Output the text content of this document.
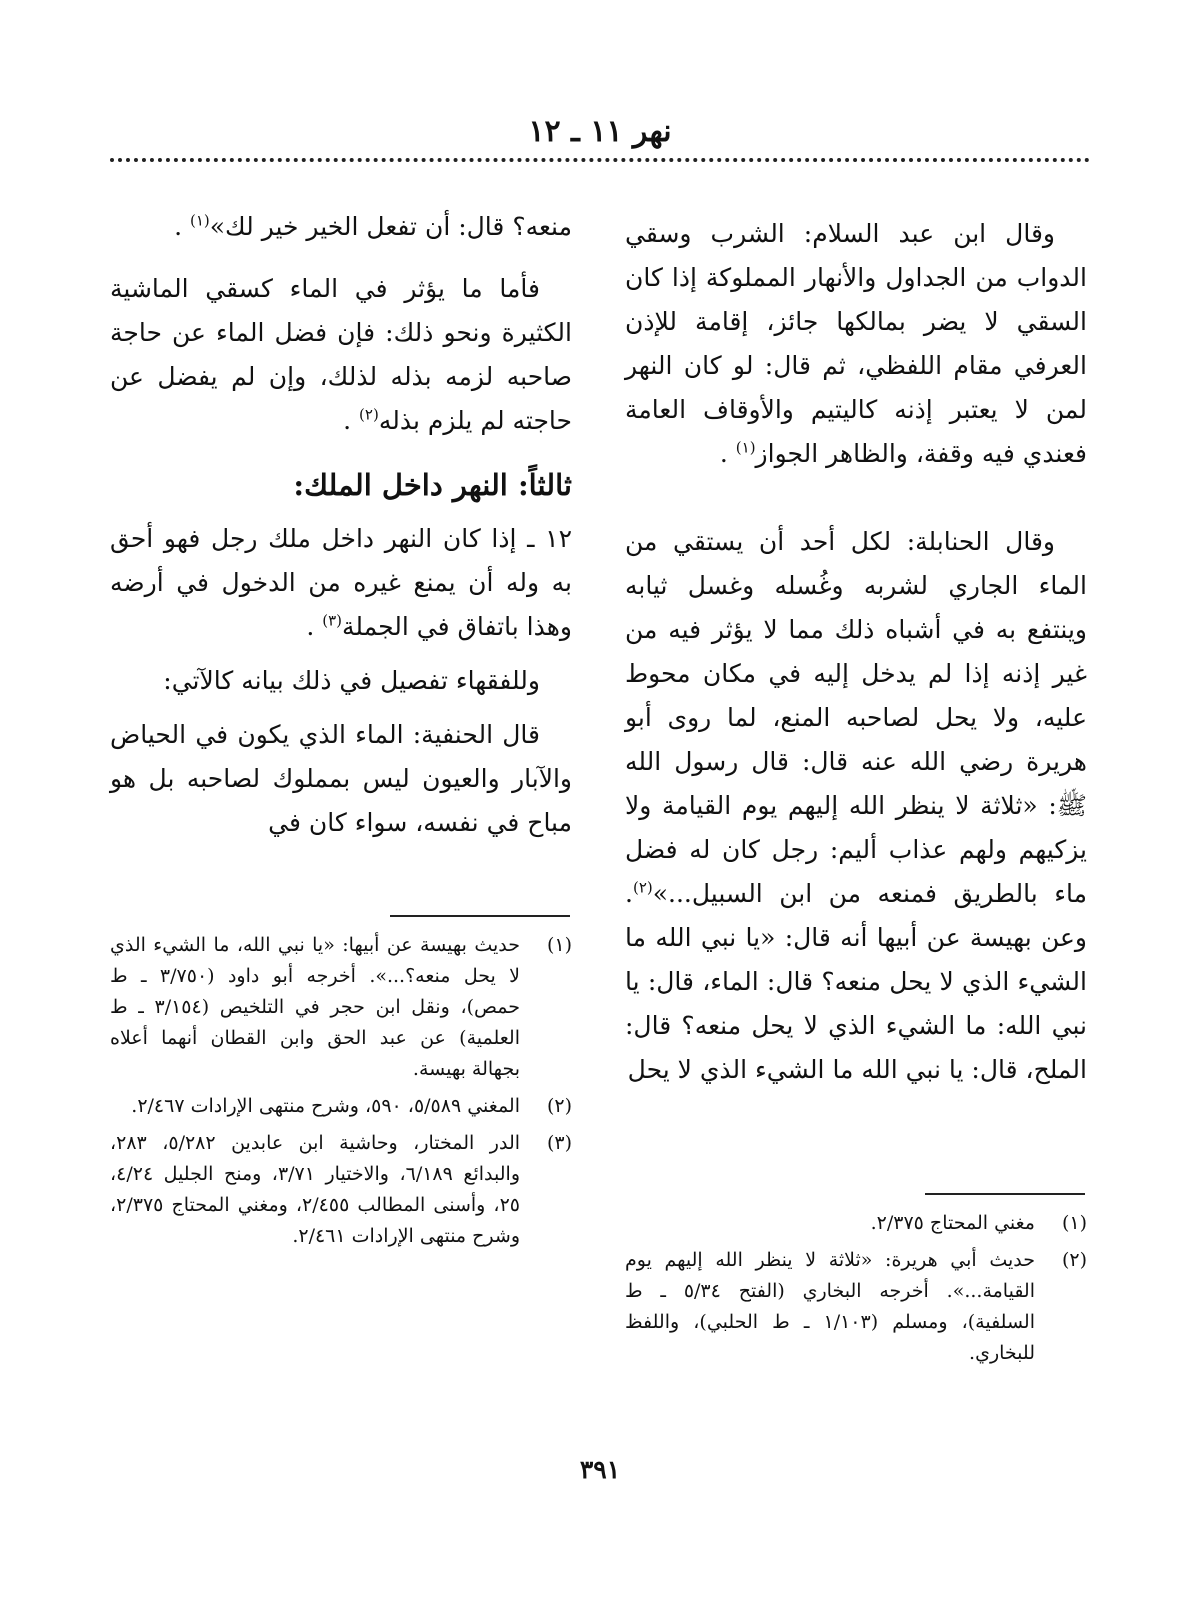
نهر ١١ ـ ١٢

وقال ابن عبد السلام: الشرب وسقي الدواب من الجداول والأنهار المملوكة إذا كان السقي لا يضر بمالكها جائز، إقامة للإذن العرفي مقام اللفظي، ثم قال: لو كان النهر لمن لا يعتبر إذنه كاليتيم والأوقاف العامة فعندي فيه وقفة، والظاهر الجواز$^{(١)}$ .

وقال الحنابلة: لكل أحد أن يستقي من الماء الجاري لشربه وغُسله وغسل ثيابه وينتفع به في أشباه ذلك مما لا يؤثر فيه من غير إذنه إذا لم يدخل إليه في مكان محوط عليه، ولا يحل لصاحبه المنع، لما روى أبو هريرة رضي الله عنه قال: قال رسول الله ﷺ: «ثلاثة لا ينظر الله إليهم يوم القيامة ولا يزكيهم ولهم عذاب أليم: رجل كان له فضل ماء بالطريق فمنعه من ابن السبيل...»$^{(٢)}$. وعن بهيسة عن أبيها أنه قال: «يا نبي الله ما الشيء الذي لا يحل منعه؟ قال: الماء، قال: يا نبي الله: ما الشيء الذي لا يحل منعه؟ قال: الملح، قال: يا نبي الله ما الشيء الذي لا يحل

منعه؟ قال: أن تفعل الخير خير لك»$^{(١)}$ .

فأما ما يؤثر في الماء كسقي الماشية الكثيرة ونحو ذلك: فإن فضل الماء عن حاجة صاحبه لزمه بذله لذلك، وإن لم يفضل عن حاجته لم يلزم بذله$^{(٢)}$ .

ثالثاً: النهر داخل الملك:

١٢ ـ إذا كان النهر داخل ملك رجل فهو أحق به وله أن يمنع غيره من الدخول في أرضه وهذا باتفاق في الجملة$^{(٣)}$ .

وللفقهاء تفصيل في ذلك بيانه كالآتي:

قال الحنفية: الماء الذي يكون في الحياض والآبار والعيون ليس بمملوك لصاحبه بل هو مباح في نفسه، سواء كان في

(١)
حديث بهيسة عن أبيها: «يا نبي الله، ما الشيء الذي لا يحل منعه؟...». أخرجه أبو داود (٣/٧٥٠ ـ ط حمص)، ونقل ابن حجر في التلخيص (٣/١٥٤ ـ ط العلمية) عن عبد الحق وابن القطان أنهما أعلاه بجهالة بهيسة.
(٢)
المغني ٥/٥٨٩، ٥٩٠، وشرح منتهى الإرادات ٢/٤٦٧.
(٣)
الدر المختار، وحاشية ابن عابدين ٥/٢٨٢، ٢٨٣، والبدائع ٦/١٨٩، والاختيار ٣/٧١، ومنح الجليل ٤/٢٤، ٢٥، وأسنى المطالب ٢/٤٥٥، ومغني المحتاج ٢/٣٧٥، وشرح منتهى الإرادات ٢/٤٦١.
(١)
مغني المحتاج ٢/٣٧٥.
(٢)
حديث أبي هريرة: «ثلاثة لا ينظر الله إليهم يوم القيامة...». أخرجه البخاري (الفتح ٥/٣٤ ـ ط السلفية)، ومسلم (١/١٠٣ ـ ط الحلبي)، واللفظ للبخاري.
٣٩١
